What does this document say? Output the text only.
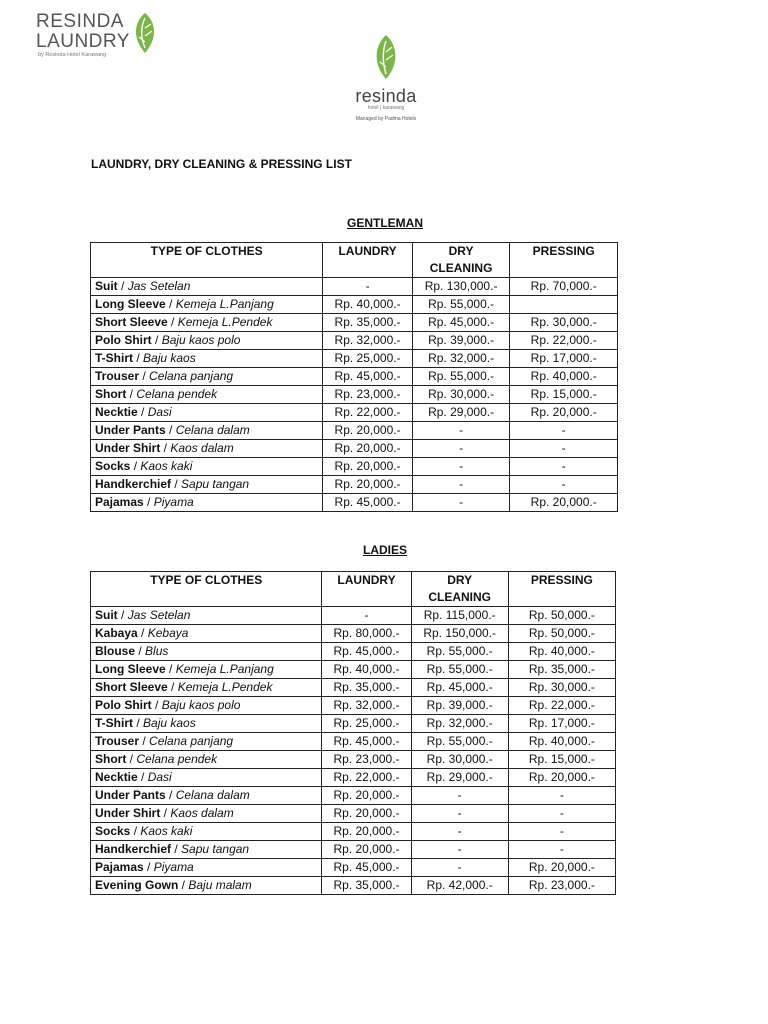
RESINDA
LAUNDRY
by Resinda Hotel Karawang
resinda
hotel | karawang
Managed by Padma Hotels
LAUNDRY, DRY CLEANING & PRESSING LIST
GENTLEMAN
TYPE OF CLOTHES	LAUNDRY	DRY CLEANING	PRESSING
Suit / Jas Setelan	-	Rp. 130,000.-	Rp. 70,000.-
Long Sleeve / Kemeja L.Panjang	Rp. 40,000.-	Rp. 55,000.-	
Short Sleeve / Kemeja L.Pendek	Rp. 35,000.-	Rp. 45,000.-	Rp. 30,000.-
Polo Shirt / Baju kaos polo	Rp. 32,000.-	Rp. 39,000.-	Rp. 22,000.-
T-Shirt / Baju kaos	Rp. 25,000.-	Rp. 32,000.-	Rp. 17,000.-
Trouser / Celana panjang	Rp. 45,000.-	Rp. 55,000.-	Rp. 40,000.-
Short / Celana pendek	Rp. 23,000.-	Rp. 30,000.-	Rp. 15,000.-
Necktie / Dasi	Rp. 22,000.-	Rp. 29,000.-	Rp. 20,000.-
Under Pants / Celana dalam	Rp. 20,000.-	-	-
Under Shirt / Kaos dalam	Rp. 20,000.-	-	-
Socks / Kaos kaki	Rp. 20,000.-	-	-
Handkerchief / Sapu tangan	Rp. 20,000.-	-	-
Pajamas / Piyama	Rp. 45,000.-	-	Rp. 20,000.-
LADIES
TYPE OF CLOTHES	LAUNDRY	DRY CLEANING	PRESSING
Suit / Jas Setelan	-	Rp. 115,000.-	Rp. 50,000.-
Kabaya / Kebaya	Rp. 80,000.-	Rp. 150,000.-	Rp. 50,000.-
Blouse / Blus	Rp. 45,000.-	Rp. 55,000.-	Rp. 40,000.-
Long Sleeve / Kemeja L.Panjang	Rp. 40,000.-	Rp. 55,000.-	Rp. 35,000.-
Short Sleeve / Kemeja L.Pendek	Rp. 35,000.-	Rp. 45,000.-	Rp. 30,000.-
Polo Shirt / Baju kaos polo	Rp. 32,000.-	Rp. 39,000.-	Rp. 22,000.-
T-Shirt / Baju kaos	Rp. 25,000.-	Rp. 32,000.-	Rp. 17,000.-
Trouser / Celana panjang	Rp. 45,000.-	Rp. 55,000.-	Rp. 40,000.-
Short / Celana pendek	Rp. 23,000.-	Rp. 30,000.-	Rp. 15,000.-
Necktie / Dasi	Rp. 22,000.-	Rp. 29,000.-	Rp. 20,000.-
Under Pants / Celana dalam	Rp. 20,000.-	-	-
Under Shirt / Kaos dalam	Rp. 20,000.-	-	-
Socks / Kaos kaki	Rp. 20,000.-	-	-
Handkerchief / Sapu tangan	Rp. 20,000.-	-	-
Pajamas / Piyama	Rp. 45,000.-	-	Rp. 20,000.-
Evening Gown / Baju malam	Rp. 35,000.-	Rp. 42,000.-	Rp. 23,000.-
